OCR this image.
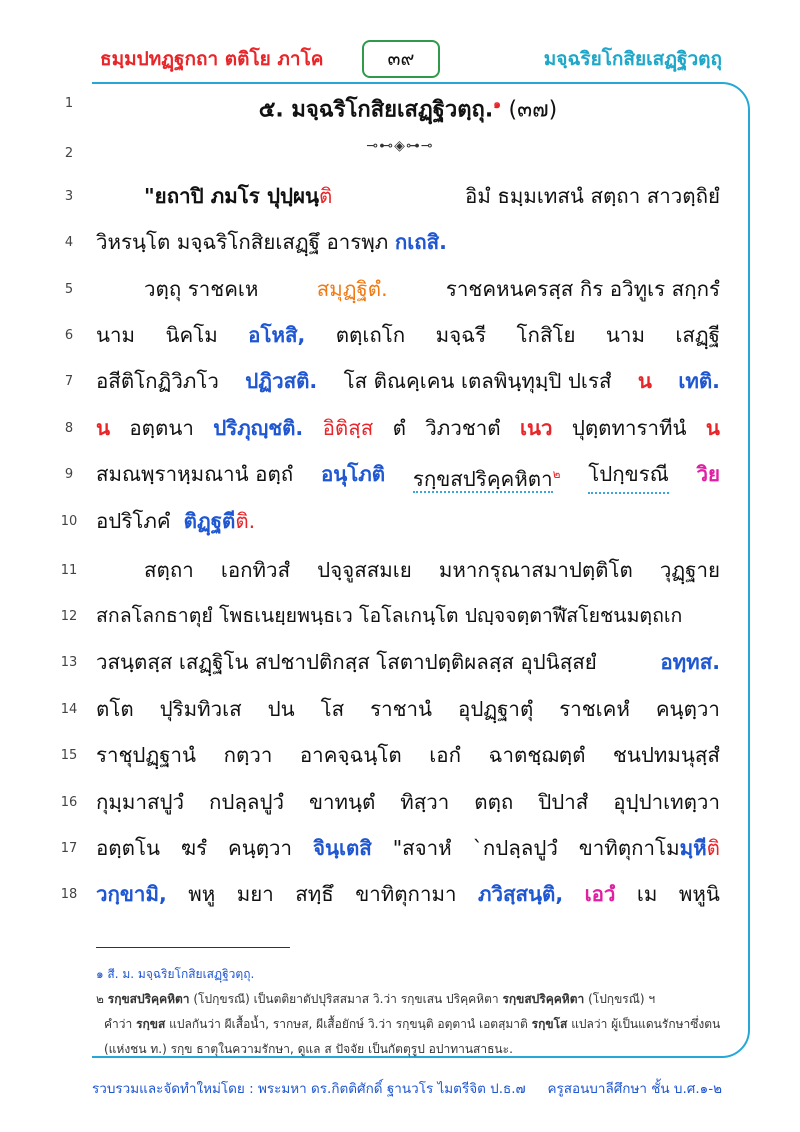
ธมฺมปทฏฺฐกถา ตติโย ภาโค	๓๙	มจฺฉริยโกสิยเสฏฺฐิวตฺถุ
1
2
3
4
5
6
7
8
9
10
11
12
13
14
15
16
17
18
๕. มจฺฉริโกสิยเสฏฺฐิวตฺถุ.$^๑$ (๓๗)
⊸⊷◈⊶⊸
"ยถาปิ ภมโร ปุปฺผนฺติ	อิมํ ธมฺมเทสนํ สตฺถา สาวตฺถิยํ
วิหรนฺโต มจฺฉริโกสิยเสฏฺฐึ อารพฺภ กเถสิ.
วตฺถุ ราชคเห	สมุฏฺฐิตํ.	ราชคหนครสฺส กิร อวิทูเร สกฺกรํ
นาม นิคโม อโหสิ, ตตฺเถโก มจฺฉรี โกสิโย นาม เสฏฺฐี
อสีติโกฏิวิภโว ปฏิวสติ. โส ติณคฺเคน เตลพินฺทุมฺปิ ปเรสํ น เทติ.
น อตฺตนา ปริภุญฺชติ. อิติสฺส ตํ วิภวชาตํ เนว ปุตฺตทาราทีนํ น
สมณพฺราหฺมณานํ อตฺถํ อนุโภติ รกฺขสปริคฺคหิตา$^๒$ โปกฺขรณี วิย
อปริโภคํ ติฏฺฐตีติ.
สตฺถา เอกทิวสํ ปจฺจูสสมเย มหากรุณาสมาปตฺติโต วุฏฺฐาย
สกลโลกธาตุยํ โพธเนยฺยพนฺธเว โอโลเกนฺโต ปญฺจจตฺตาฬีสโยชนมตฺถเก
วสนฺตสฺส เสฏฺฐิโน สปชาปติกสฺส โสตาปตฺติผลสฺส อุปนิสฺสยํ	อทฺทส.
ตโต ปุริมทิวเส ปน โส ราชานํ อุปฏฺฐาตุํ ราชเคหํ คนฺตฺวา
ราชุปฏฺฐานํ กตฺวา อาคจฺฉนฺโต เอกํ ฉาตชฺฌตฺตํ ชนปทมนุสฺสํ
กุมฺมาสปูวํ กปลฺลปูวํ ขาทนฺตํ ทิสฺวา ตตฺถ ปิปาสํ อุปฺปาเทตฺวา
อตฺตโน ฆรํ คนฺตฺวา จินฺเตสิ "สจาหํ `กปลฺลปูวํ ขาทิตุกาโมมฺหีติ
วกฺขามิ, พหู มยา สทฺธึ ขาทิตุกามา ภวิสฺสนฺติ, เอวํ เม พหูนิ
๑ สี. ม. มจฺฉริยโกสิยเสฏฺฐิวตฺถุ.
๒ รกฺขสปริคฺคหิตา (โปกฺขรณี) เป็นตติยาตัปปุริสสมาส วิ.ว่า รกฺขเสน ปริคฺคหิตา รกฺขสปริคฺคหิตา (โปกฺขรณี) ฯ
คำว่า รกฺขส แปลกันว่า ผีเสื้อน้ำ, รากษส, ผีเสื้อยักษ์ วิ.ว่า รกฺขนฺติ อตฺตานํ เอตสฺมาติ รกฺขโส แปลว่า ผู้เป็นแดนรักษาซึ่งตน
(แห่งชน ท.) รกฺข ธาตุในความรักษา, ดูแล ส ปัจจัย เป็นกัตตุรูป อปาทานสาธนะ.
รวบรวมและจัดทำใหม่โดย : พระมหา ดร.กิตติศักดิ์ ฐานวโร ไมตรีจิต ป.ธ.๗ ครูสอนบาลีศึกษา ชั้น บ.ศ.๑-๒
